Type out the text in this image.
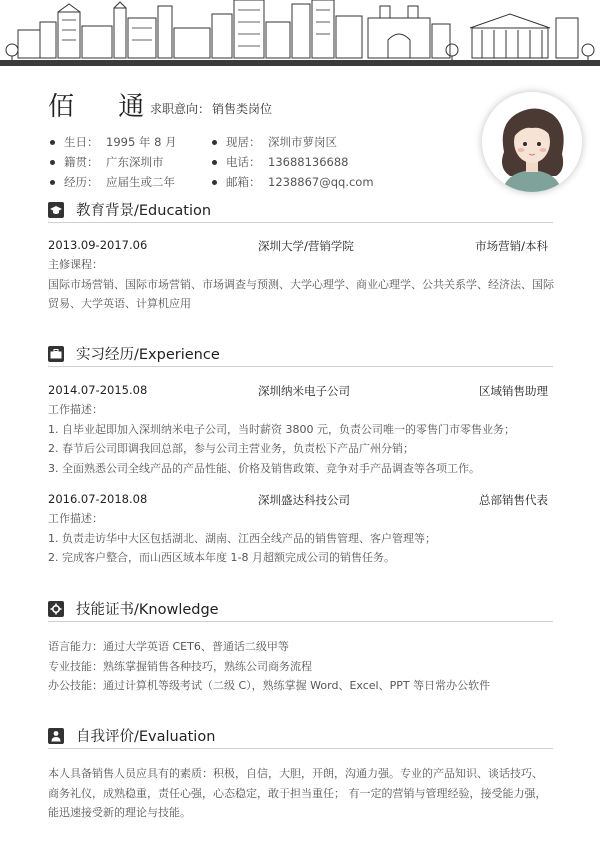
佰 通
求职意向： 销售类岗位
生日： 1995 年 8 月
籍贯： 广东深圳市
经历： 应届生或二年
现居： 深圳市萝岗区
电话： 13688136688
邮箱： 1238867@qq.com
教育背景/Education
2013.09-2017.06	深圳大学/营销学院	市场营销/本科
主修课程：
国际市场营销、国际市场营销、市场调查与预测、大学心理学、商业心理学、公共关系学、经济法、国际
贸易、大学英语、计算机应用
实习经历/Experience
2014.07-2015.08	深圳纳米电子公司	区域销售助理
工作描述：
1. 自毕业起即加入深圳纳米电子公司，当时薪资 3800 元，负责公司唯一的零售门市零售业务；
2. 春节后公司即调我回总部，参与公司主营业务，负责松下产品广州分销；
3. 全面熟悉公司全线产品的产品性能、价格及销售政策、竞争对手产品调查等各项工作。
2016.07-2018.08	深圳盛达科技公司	总部销售代表
工作描述：
1. 负责走访华中大区包括湖北、湖南、江西全线产品的销售管理、客户管理等；
2. 完成客户整合，而山西区域本年度 1-8 月超额完成公司的销售任务。
技能证书/Knowledge
语言能力：通过大学英语 CET6、普通话二级甲等
专业技能：熟练掌握销售各种技巧，熟练公司商务流程
办公技能：通过计算机等级考试（二级 C），熟练掌握 Word、Excel、PPT 等日常办公软件
自我评价/Evaluation
本人具备销售人员应具有的素质：积极，自信，大胆，开朗，沟通力强。专业的产品知识、谈话技巧、
商务礼仪，成熟稳重，责任心强，心态稳定，敢于担当重任； 有一定的营销与管理经验，接受能力强，
能迅速接受新的理论与技能。
